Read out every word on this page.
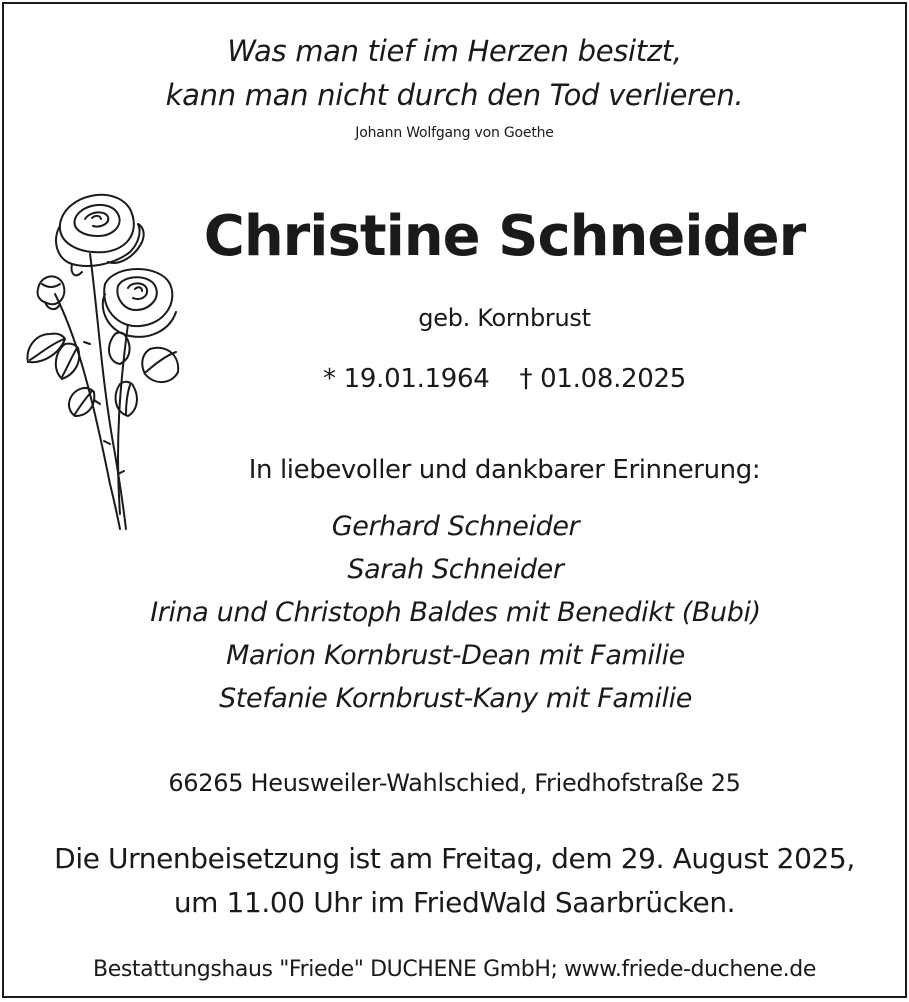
Was man tief im Herzen besitzt,
kann man nicht durch den Tod verlieren.
Johann Wolfgang von Goethe
Christine Schneider
geb. Kornbrust
* 19.01.1964 † 01.08.2025
In liebevoller und dankbarer Erinnerung:
Gerhard Schneider
Sarah Schneider
Irina und Christoph Baldes mit Benedikt (Bubi)
Marion Kornbrust-Dean mit Familie
Stefanie Kornbrust-Kany mit Familie
66265 Heusweiler-Wahlschied, Friedhofstraße 25
Die Urnenbeisetzung ist am Freitag, dem 29. August 2025,
um 11.00 Uhr im FriedWald Saarbrücken.
Bestattungshaus "Friede" DUCHENE GmbH; www.friede-duchene.de
